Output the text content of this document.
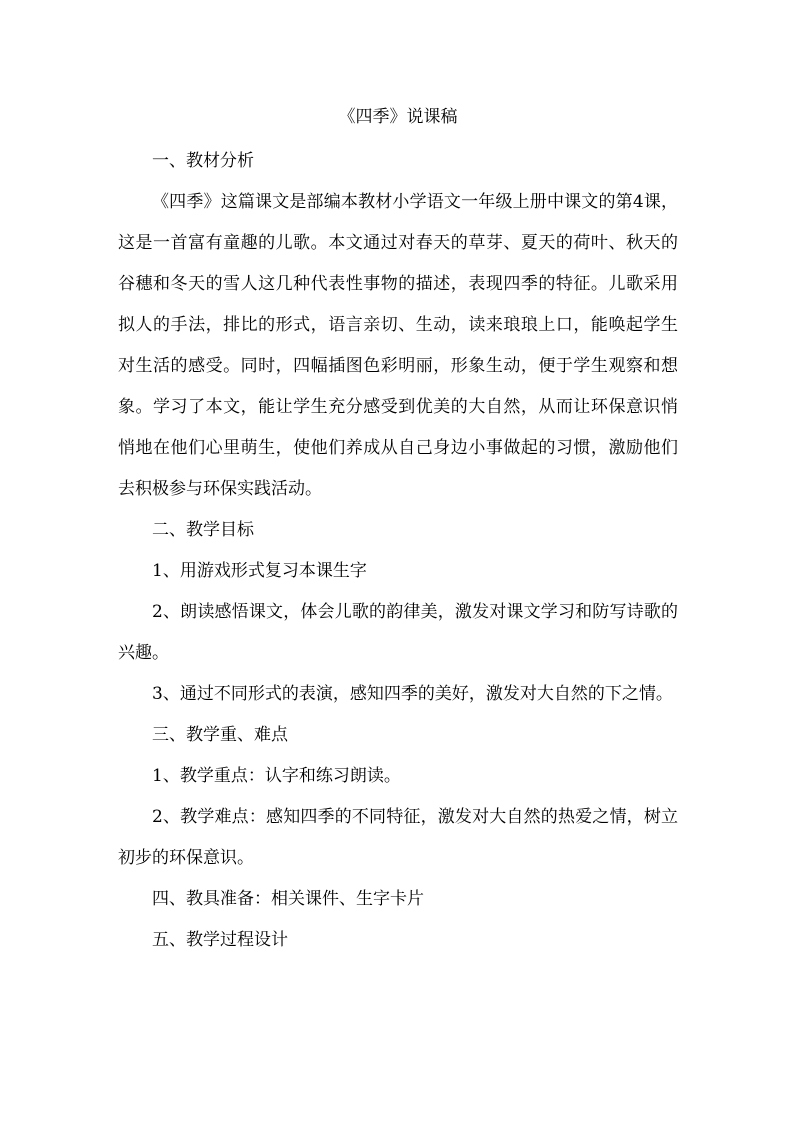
《四季》说课稿

一、教材分析

《四季》这篇课文是部编本教材小学语文一年级上册中课文的第4课，这是一首富有童趣的儿歌。本文通过对春天的草芽、夏天的荷叶、秋天的谷穗和冬天的雪人这几种代表性事物的描述，表现四季的特征。儿歌采用拟人的手法，排比的形式，语言亲切、生动，读来琅琅上口，能唤起学生对生活的感受。同时，四幅插图色彩明丽，形象生动，便于学生观察和想象。学习了本文，能让学生充分感受到优美的大自然，从而让环保意识悄悄地在他们心里萌生，使他们养成从自己身边小事做起的习惯，激励他们去积极参与环保实践活动。

二、教学目标

1、用游戏形式复习本课生字

2、朗读感悟课文，体会儿歌的韵律美，激发对课文学习和防写诗歌的兴趣。

3、通过不同形式的表演，感知四季的美好，激发对大自然的下之情。

三、教学重、难点

1、教学重点：认字和练习朗读。

2、教学难点：感知四季的不同特征，激发对大自然的热爱之情，树立初步的环保意识。

四、教具准备：相关课件、生字卡片

五、教学过程设计
